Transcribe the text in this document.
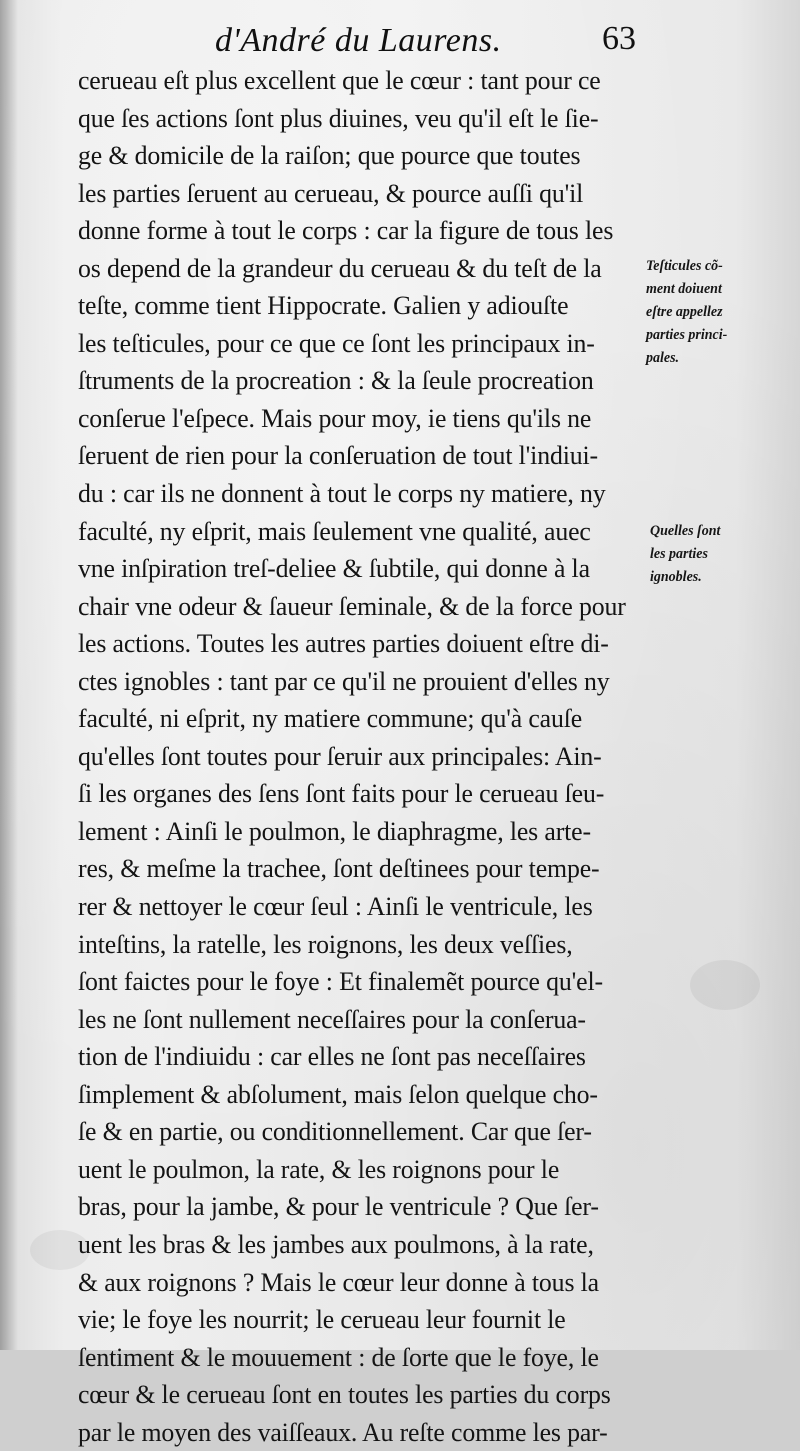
d'André du Laurens.	63
cerueau eſt plus excellent que le cœur : tant pour ce
que ſes actions ſont plus diuines, veu qu'il eſt le ſie-
ge & domicile de la raiſon; que pource que toutes
les parties ſeruent au cerueau, & pource auſſi qu'il
donne forme à tout le corps : car la figure de tous les
os depend de la grandeur du cerueau & du teſt de la
teſte, comme tient Hippocrate. Galien y adiouſte
les teſticules, pour ce que ce ſont les principaux in-
ſtruments de la procreation : & la ſeule procreation
conſerue l'eſpece. Mais pour moy, ie tiens qu'ils ne
ſeruent de rien pour la conſeruation de tout l'indiui-
du : car ils ne donnent à tout le corps ny matiere, ny
faculté, ny eſprit, mais ſeulement vne qualité, auec
vne inſpiration treſ-deliee & ſubtile, qui donne à la
chair vne odeur & ſaueur ſeminale, & de la force pour
les actions. Toutes les autres parties doiuent eſtre di-
ctes ignobles : tant par ce qu'il ne prouient d'elles ny
faculté, ni eſprit, ny matiere commune; qu'à cauſe
qu'elles ſont toutes pour ſeruir aux principales: Ain-
ſi les organes des ſens ſont faits pour le cerueau ſeu-
lement : Ainſi le poulmon, le diaphragme, les arte-
res, & meſme la trachee, ſont deſtinees pour tempe-
rer & nettoyer le cœur ſeul : Ainſi le ventricule, les
inteſtins, la ratelle, les roignons, les deux veſſies,
ſont faictes pour le foye : Et finalemẽt pource qu'el-
les ne ſont nullement neceſſaires pour la conſerua-
tion de l'indiuidu : car elles ne ſont pas neceſſaires
ſimplement & abſolument, mais ſelon quelque cho-
ſe & en partie, ou conditionnellement. Car que ſer-
uent le poulmon, la rate, & les roignons pour le
bras, pour la jambe, & pour le ventricule ? Que ſer-
uent les bras & les jambes aux poulmons, à la rate,
& aux roignons ? Mais le cœur leur donne à tous la
vie; le foye les nourrit; le cerueau leur fournit le
ſentiment & le mouuement : de ſorte que le foye, le
cœur & le cerueau ſont en toutes les parties du corps
par le moyen des vaiſſeaux. Au reſte comme les par-
Teſticules cõ-
ment doiuent
eſtre appellez
parties princi-
pales.
Quelles ſont
les parties
ignobles.
